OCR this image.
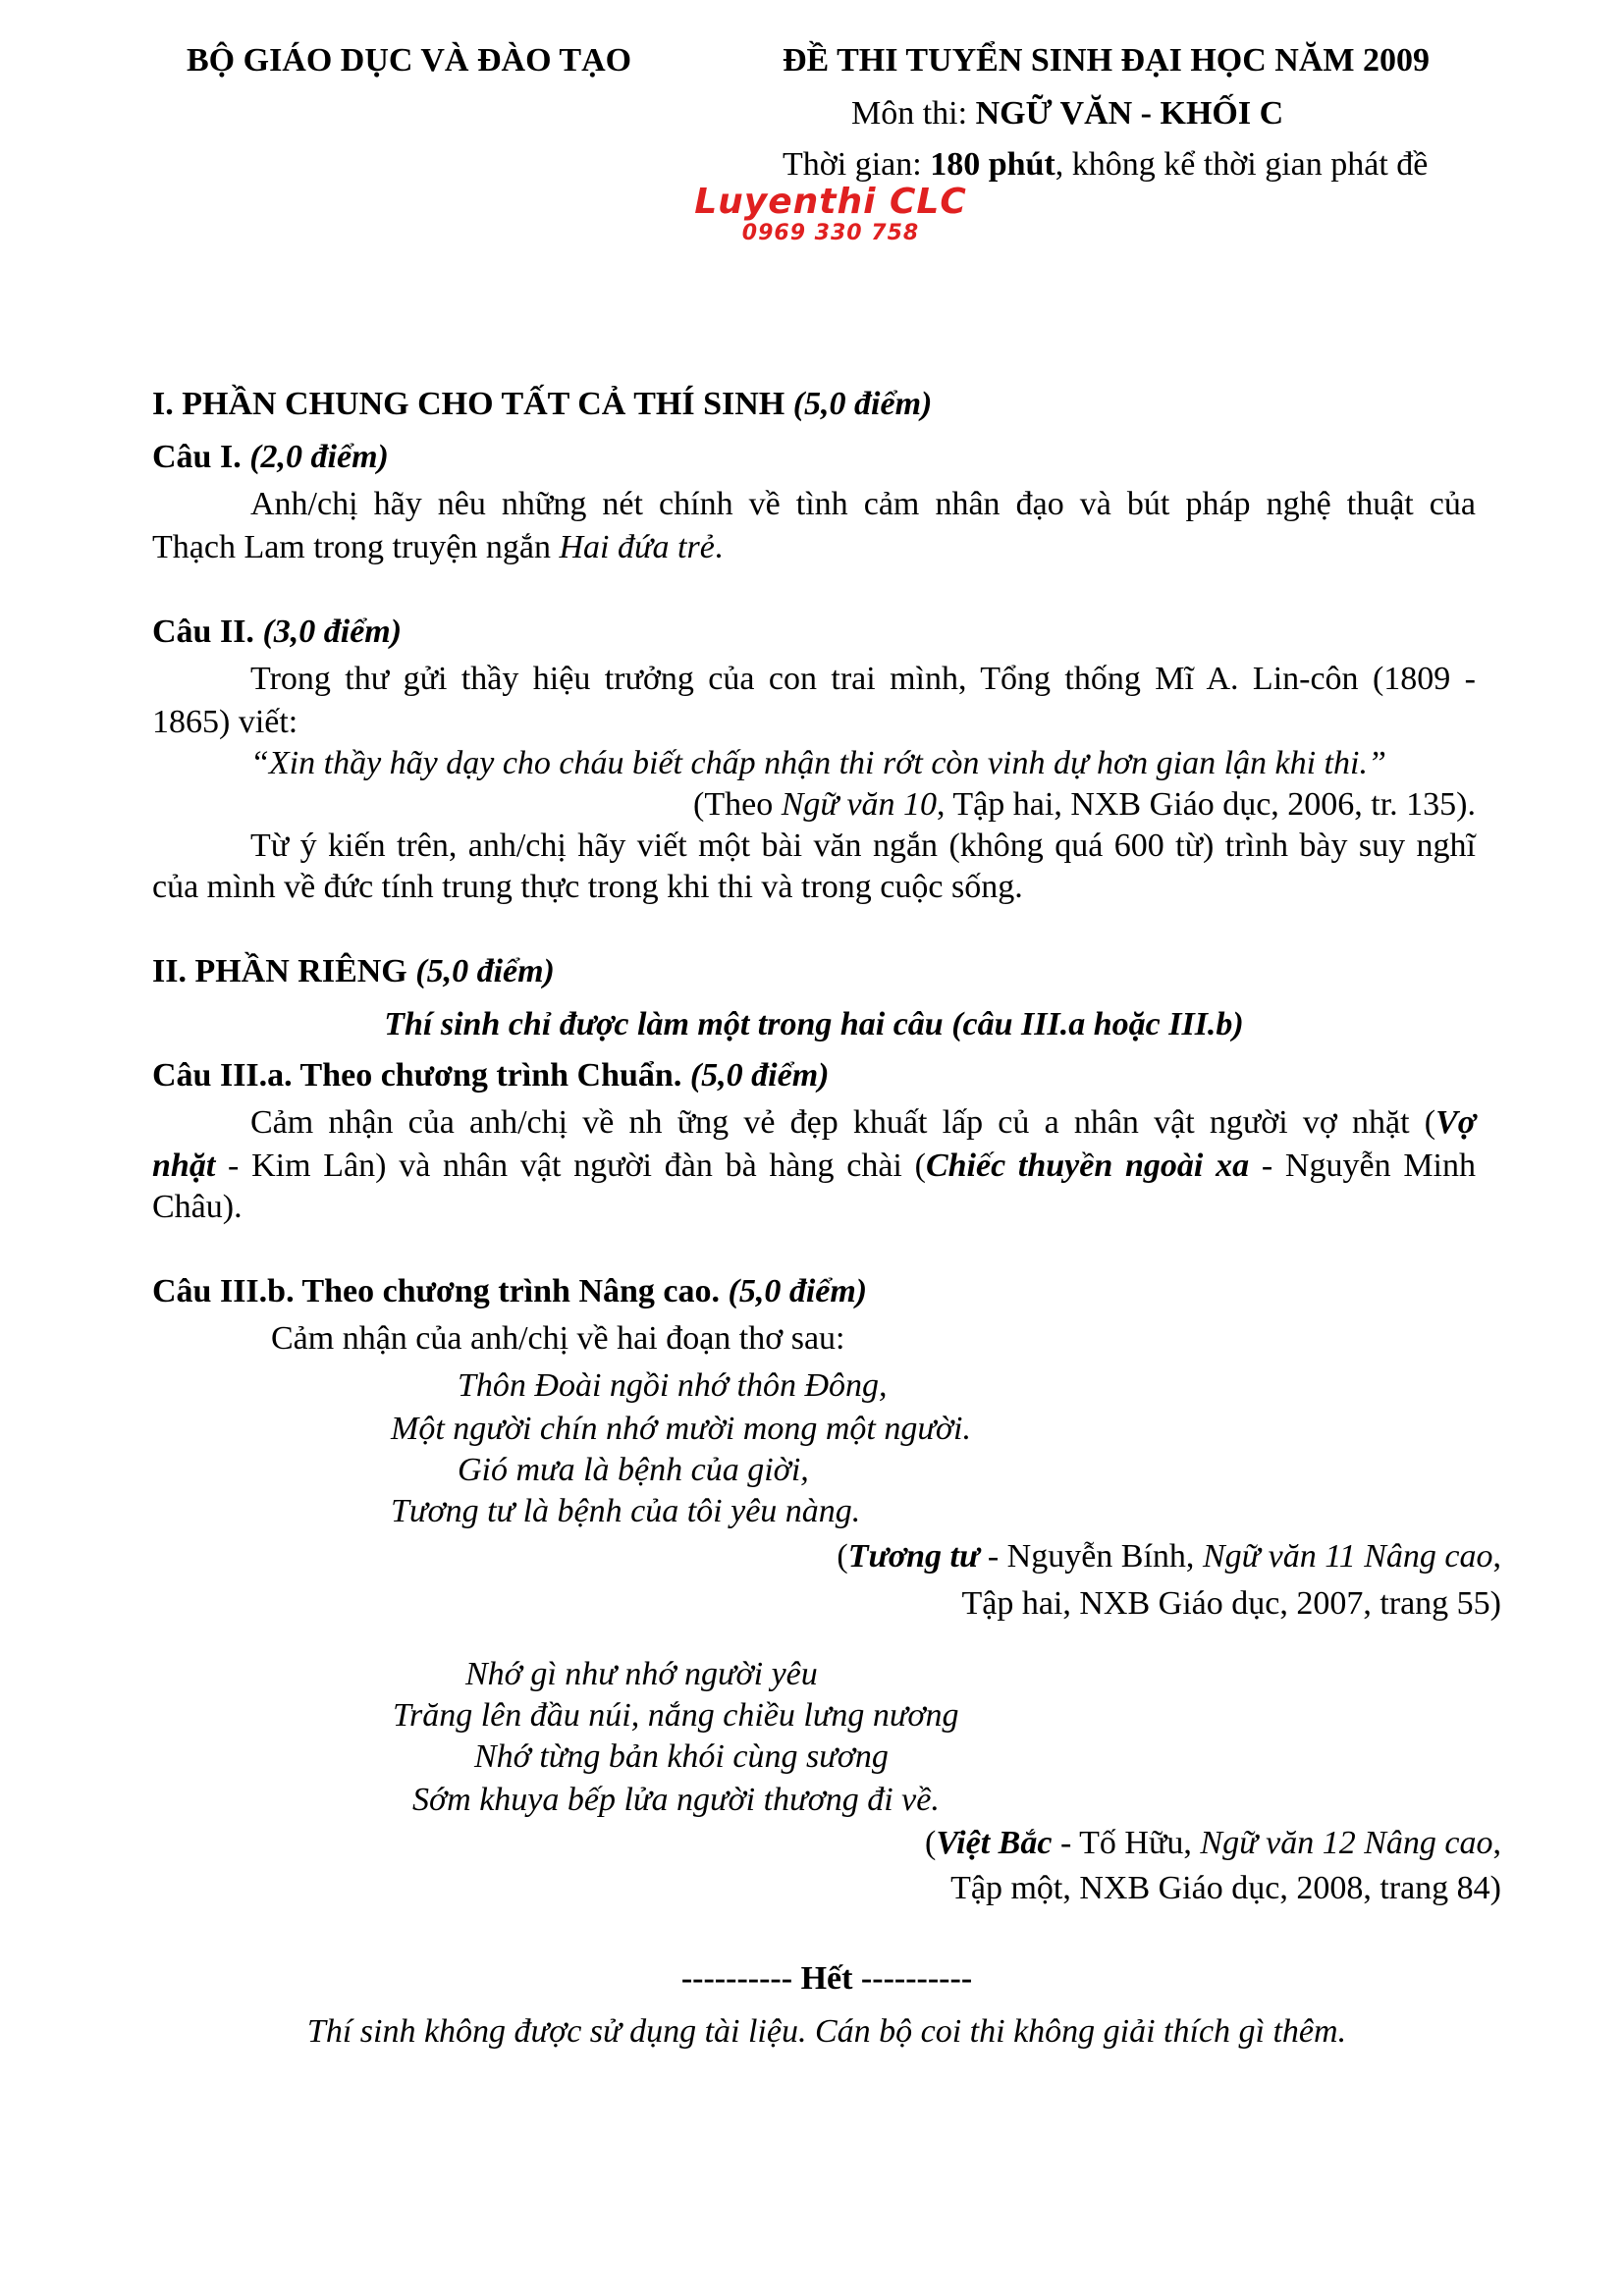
BỘ GIÁO DỤC VÀ ĐÀO TẠO	ĐỀ THI TUYỂN SINH ĐẠI HỌC NĂM 2009
Môn thi: NGỮ VĂN - KHỐI C
Thời gian: 180 phút, không kể thời gian phát đề
Luyenthi CLC
0969 330 758
I. PHẦN CHUNG CHO TẤT CẢ THÍ SINH (5,0 điểm)
Câu I. (2,0 điểm)
Anh/chị hãy nêu những nét chính về tình cảm nhân đạo và bút pháp nghệ thuật của
Thạch Lam trong truyện ngắn Hai đứa trẻ.
Câu II. (3,0 điểm)
Trong thư gửi thầy hiệu trưởng của con trai mình, Tổng thống Mĩ A. Lin-côn (1809 -
1865) viết:
“Xin thầy hãy dạy cho cháu biết chấp nhận thi rớt còn vinh dự hơn gian lận khi thi.”
(Theo Ngữ văn 10, Tập hai, NXB Giáo dục, 2006, tr. 135).
Từ ý kiến trên, anh/chị hãy viết một bài văn ngắn (không quá 600 từ) trình bày suy nghĩ
của mình về đức tính trung thực trong khi thi và trong cuộc sống.
II. PHẦN RIÊNG (5,0 điểm)
Thí sinh chỉ được làm một trong hai câu (câu III.a hoặc III.b)
Câu III.a. Theo chương trình Chuẩn. (5,0 điểm)
Cảm nhận của anh/chị về nh ững vẻ đẹp khuất lấp củ a nhân vật người vợ nhặt (Vợ
nhặt - Kim Lân) và nhân vật người đàn bà hàng chài (Chiếc thuyền ngoài xa - Nguyễn Minh
Châu).
Câu III.b. Theo chương trình Nâng cao. (5,0 điểm)
Cảm nhận của anh/chị về hai đoạn thơ sau:
Thôn Đoài ngồi nhớ thôn Đông,
Một người chín nhớ mười mong một người.
Gió mưa là bệnh của giời,
Tương tư là bệnh của tôi yêu nàng.
(Tương tư - Nguyễn Bính, Ngữ văn 11 Nâng cao,
Tập hai, NXB Giáo dục, 2007, trang 55)
Nhớ gì như nhớ người yêu
Trăng lên đầu núi, nắng chiều lưng nương
Nhớ từng bản khói cùng sương
Sớm khuya bếp lửa người thương đi về.
(Việt Bắc - Tố Hữu, Ngữ văn 12 Nâng cao,
Tập một, NXB Giáo dục, 2008, trang 84)
---------- Hết ----------
Thí sinh không được sử dụng tài liệu. Cán bộ coi thi không giải thích gì thêm.
